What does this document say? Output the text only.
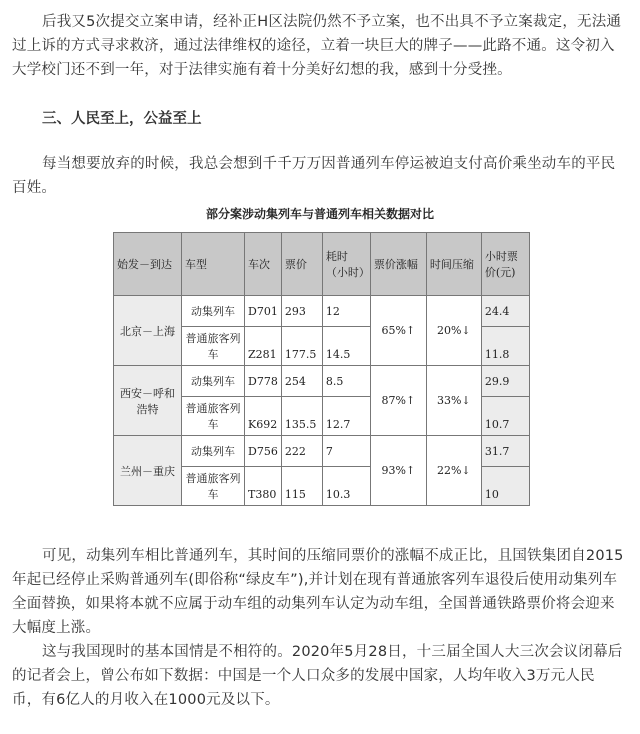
后我又5次提交立案申请，经补正H区法院仍然不予立案，也不出具不予立案裁定，无法通过上诉的方式寻求救济，通过法律维权的途径，立着一块巨大的牌子——此路不通。这令初入大学校门还不到一年，对于法律实施有着十分美好幻想的我，感到十分受挫。

三、人民至上，公益至上

每当想要放弃的时候，我总会想到千千万万因普通列车停运被迫支付高价乘坐动车的平民百姓。

部分案涉动集列车与普通列车相关数据对比
始发－到达	车型	车次	票价	耗时（小时）	票价涨幅	时间压缩	小时票价(元)
北京－上海	动集列车	D701	293	12	65%↑	20%↓	24.4
	普通旅客列车	Z281	177.5	14.5			11.8
西安－呼和浩特	动集列车	D778	254	8.5	87%↑	33%↓	29.9
	普通旅客列车	K692	135.5	12.7			10.7
兰州－重庆	动集列车	D756	222	7	93%↑	22%↓	31.7
	普通旅客列车	T380	115	10.3			10

可见，动集列车相比普通列车，其时间的压缩同票价的涨幅不成正比，且国铁集团自2015年起已经停止采购普通列车(即俗称“绿皮车”),并计划在现有普通旅客列车退役后使用动集列车全面替换，如果将本就不应属于动车组的动集列车认定为动车组，全国普通铁路票价将会迎来大幅度上涨。

这与我国现时的基本国情是不相符的。2020年5月28日，十三届全国人大三次会议闭幕后的记者会上，曾公布如下数据：中国是一个人口众多的发展中国家，人均年收入3万元人民币，有6亿人的月收入在1000元及以下。
